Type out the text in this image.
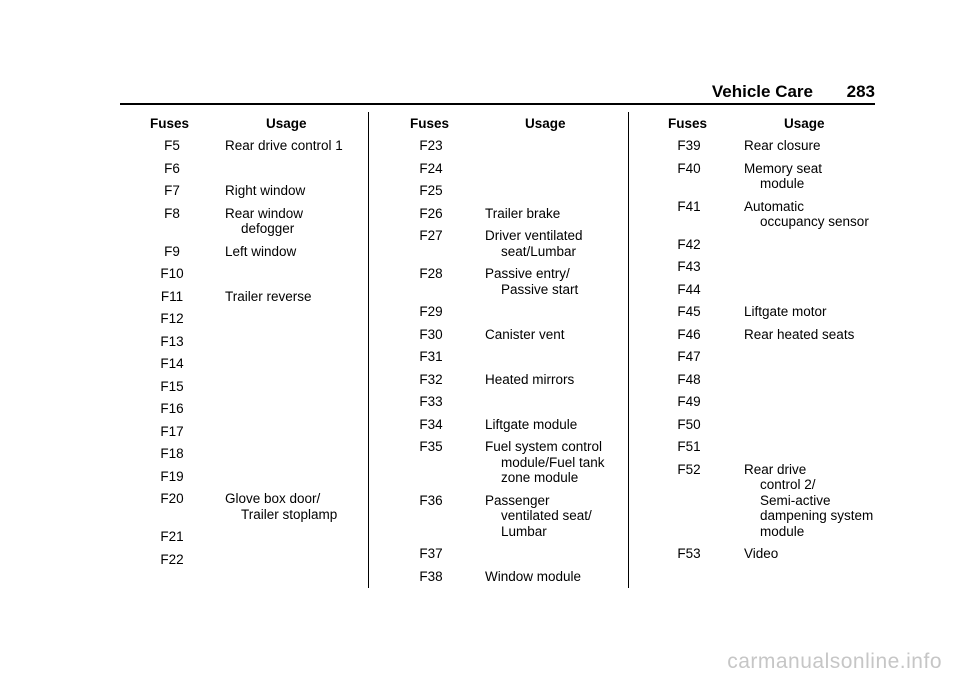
Vehicle Care 283
Fuses	Usage
F5	Rear drive control 1
F6
F7	Right window
F8	Rear window
defogger
F9	Left window
F10
F11	Trailer reverse
F12
F13
F14
F15
F16
F17
F18
F19
F20	Glove box door/
Trailer stoplamp
F21
F22
Fuses	Usage
F23
F24
F25
F26	Trailer brake
F27	Driver ventilated
seat/Lumbar
F28	Passive entry/
Passive start
F29
F30	Canister vent
F31
F32	Heated mirrors
F33
F34	Liftgate module
F35	Fuel system control
module/Fuel tank
zone module
F36	Passenger
ventilated seat/
Lumbar
F37
F38	Window module
Fuses	Usage
F39	Rear closure
F40	Memory seat
module
F41	Automatic
occupancy sensor
F42
F43
F44
F45	Liftgate motor
F46	Rear heated seats
F47
F48
F49
F50
F51
F52	Rear drive
control 2/
Semi-active
dampening system
module
F53	Video
carmanualsonline.info
